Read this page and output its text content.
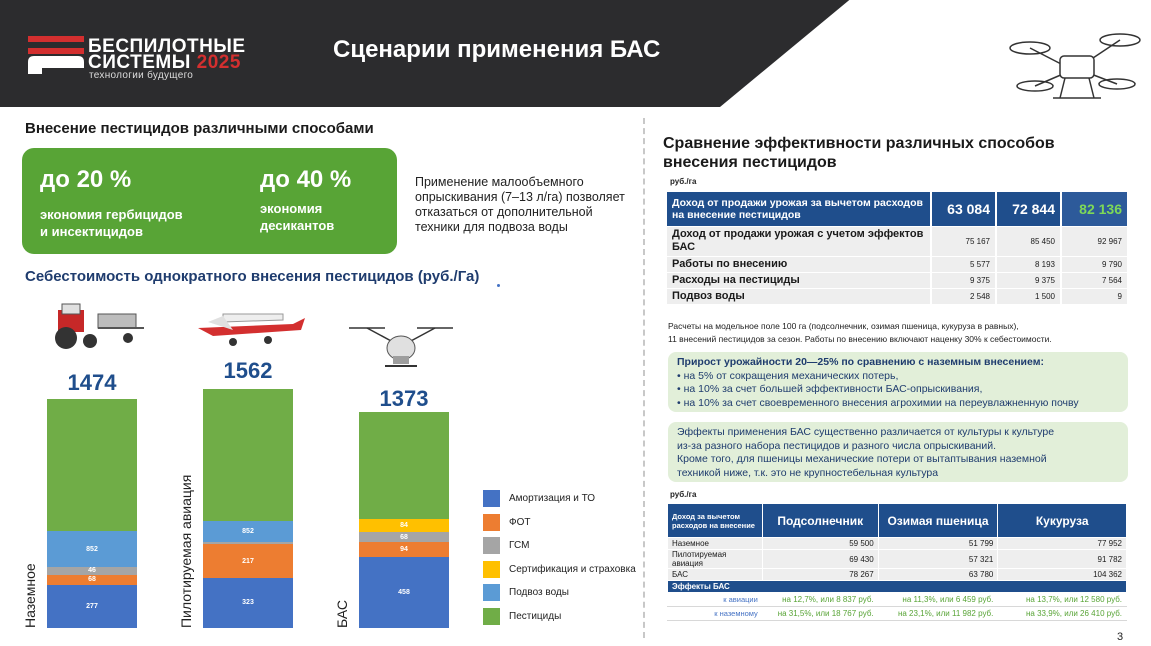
БЕСПИЛОТНЫЕ
СИСТЕМЫ 2025
технологии будущего
Сценарии применения БАС
Внесение пестицидов различными способами
до 20 %
экономия гербицидов
и инсектицидов
до 40 %
экономия
десикантов
Применение малообъемного опрыскивания (7–13 л/га) позволяет отказаться от дополнительной техники для подвоза воды
Себестоимость однократного внесения пестицидов (руб./Га)
277
68
46
852
323
217
852
458
94
68
84
1474	1562
1373
Наземное	Пилотируемая авиация	БАС
Амортизация и ТО
ФОТ
ГСМ
Сертификация и страховка
Подвоз воды
Пестициды
Сравнение эффективности различных способов
внесения пестицидов
руб./га
Доход от продажи урожая за вычетом расходов на внесение пестицидов	63 084	72 844	82 136
Доход от продажи урожая с учетом эффектов БАС	75 167	85 450	92 967
Работы по внесению	5 577	8 193	9 790
Расходы на пестициды	9 375	9 375	7 564
Подвоз воды	2 548	1 500	9
Расчеты на модельное поле 100 га (подсолнечник, озимая пшеница, кукуруза в равных),
11 внесений пестицидов за сезон. Работы по внесению включают наценку 30% к себестоимости.
Прирост урожайности 20—25% по сравнению с наземным внесением:
• на 5% от сокращения механических потерь,
• на 10% за счет большей эффективности БАС-опрыскивания,
• на 10% за счет своевременного внесения агрохимии на переувлажненную почву
Эффекты применения БАС существенно различается от культуры к культуре
из-за разного набора пестицидов и разного числа опрыскиваний.
Кроме того, для пшеницы механические потери от вытаптывания наземной
техникой ниже, т.к. это не крупностебельная культура
руб./га
Доход за вычетом расходов на внесение	Подсолнечник	Озимая пшеница	Кукуруза
Наземное	59 500	51 799	77 952
Пилотируемая авиация	69 430	57 321	91 782
БАС	78 267	63 780	104 362
Эффекты БАС			
к авиации	на 12,7%, или 8 837 руб.	на 11,3%, или 6 459 руб.	на 13,7%, или 12 580 руб.
к наземному	на 31,5%, или 18 767 руб.	на 23,1%, или 11 982 руб.	на 33,9%, или 26 410 руб.
3
